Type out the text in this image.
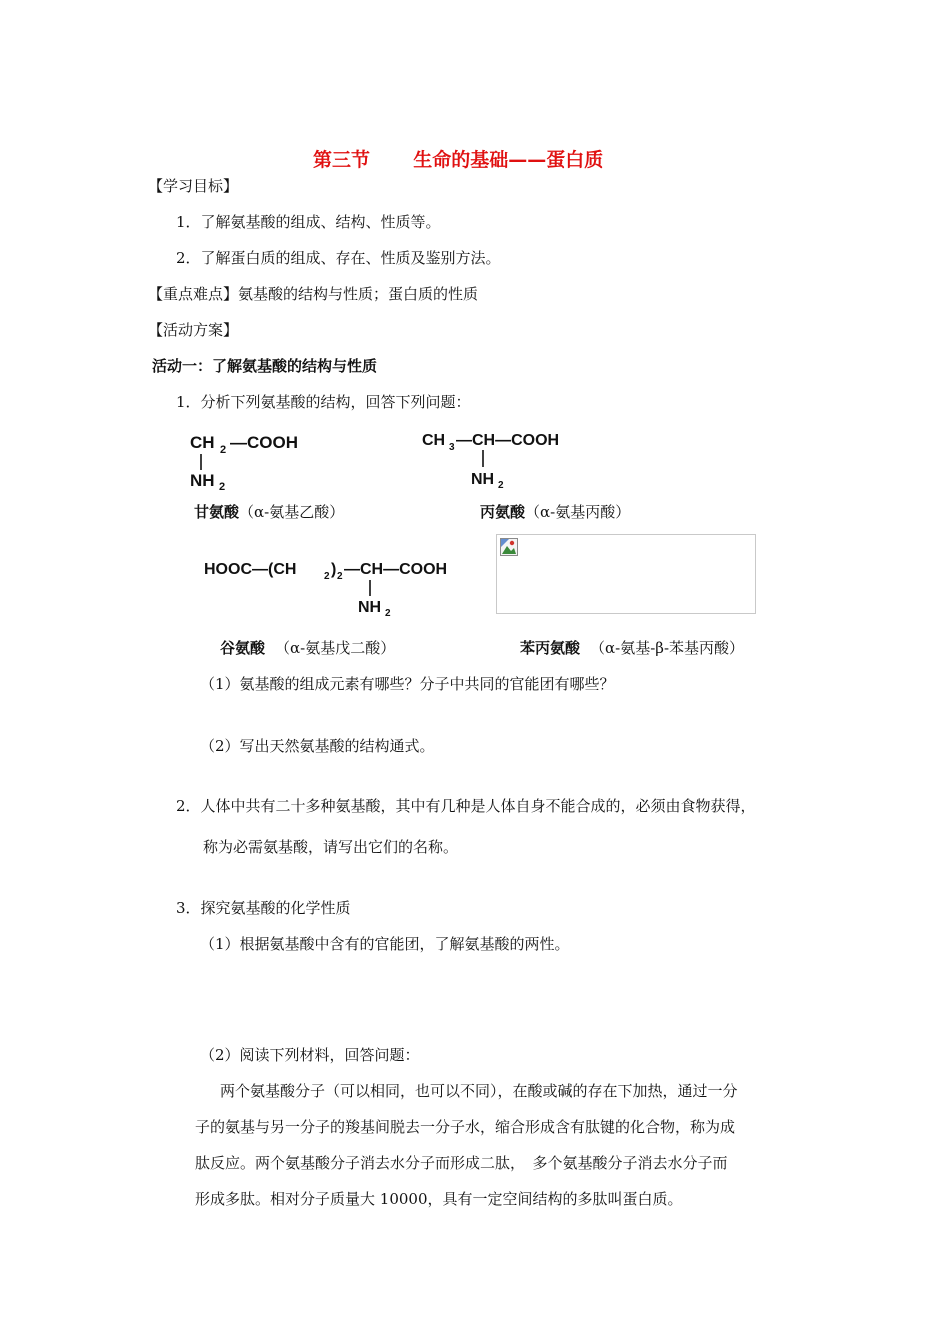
第三节 生命的基础——蛋白质
【学习目标】
1．了解氨基酸的组成、结构、性质等。
2．了解蛋白质的组成、存在、性质及鉴别方法。
【重点难点】氨基酸的结构与性质；蛋白质的性质
【活动方案】
活动一：了解氨基酸的结构与性质
1．分析下列氨基酸的结构，回答下列问题：
CH 2 —COOH
NH 2
甘氨酸（α-氨基乙酸）
CH 3 —CH—COOH
NH 2
丙氨酸（α-氨基丙酸）
HOOC—(CH	2 ) 2 —CH—COOH
NH 2
谷氨酸 （α-氨基戊二酸）	苯丙氨酸 （α-氨基-β-苯基丙酸）
（1）氨基酸的组成元素有哪些？分子中共同的官能团有哪些？
（2）写出天然氨基酸的结构通式。
2．人体中共有二十多种氨基酸，其中有几种是人体自身不能合成的，必须由食物获得，
称为必需氨基酸，请写出它们的名称。
3．探究氨基酸的化学性质
（1）根据氨基酸中含有的官能团，了解氨基酸的两性。
（2）阅读下列材料，回答问题：
两个氨基酸分子（可以相同，也可以不同），在酸或碱的存在下加热，通过一分
子的氨基与另一分子的羧基间脱去一分子水，缩合形成含有肽键的化合物，称为成
肽反应。两个氨基酸分子消去水分子而形成二肽，　多个氨基酸分子消去水分子而
形成多肽。相对分子质量大 10000，具有一定空间结构的多肽叫蛋白质。
